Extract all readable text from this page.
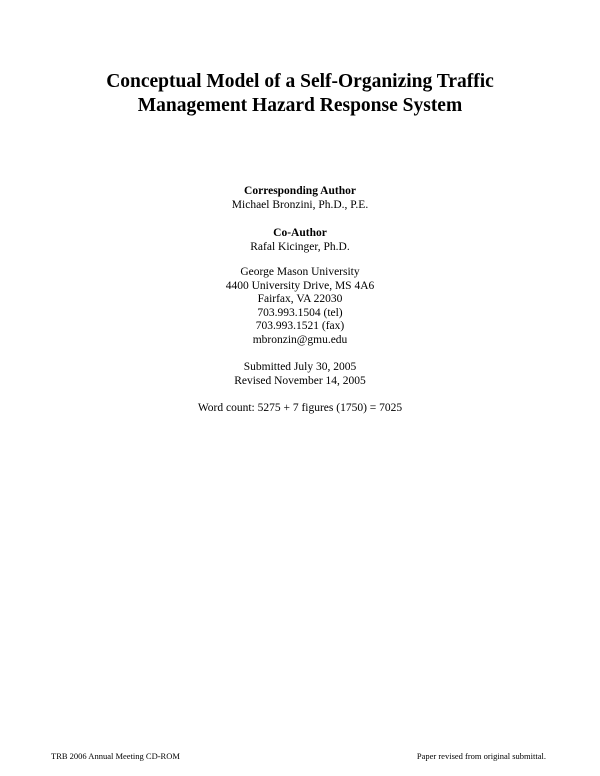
Conceptual Model of a Self-Organizing Traffic
Management Hazard Response System
Corresponding Author
Michael Bronzini, Ph.D., P.E.
Co-Author
Rafal Kicinger, Ph.D.
George Mason University
4400 University Drive, MS 4A6
Fairfax, VA 22030
703.993.1504 (tel)
703.993.1521 (fax)
mbronzin@gmu.edu
Submitted July 30, 2005
Revised November 14, 2005
Word count: 5275 + 7 figures (1750) = 7025
TRB 2006 Annual Meeting CD-ROM	Paper revised from original submittal.
